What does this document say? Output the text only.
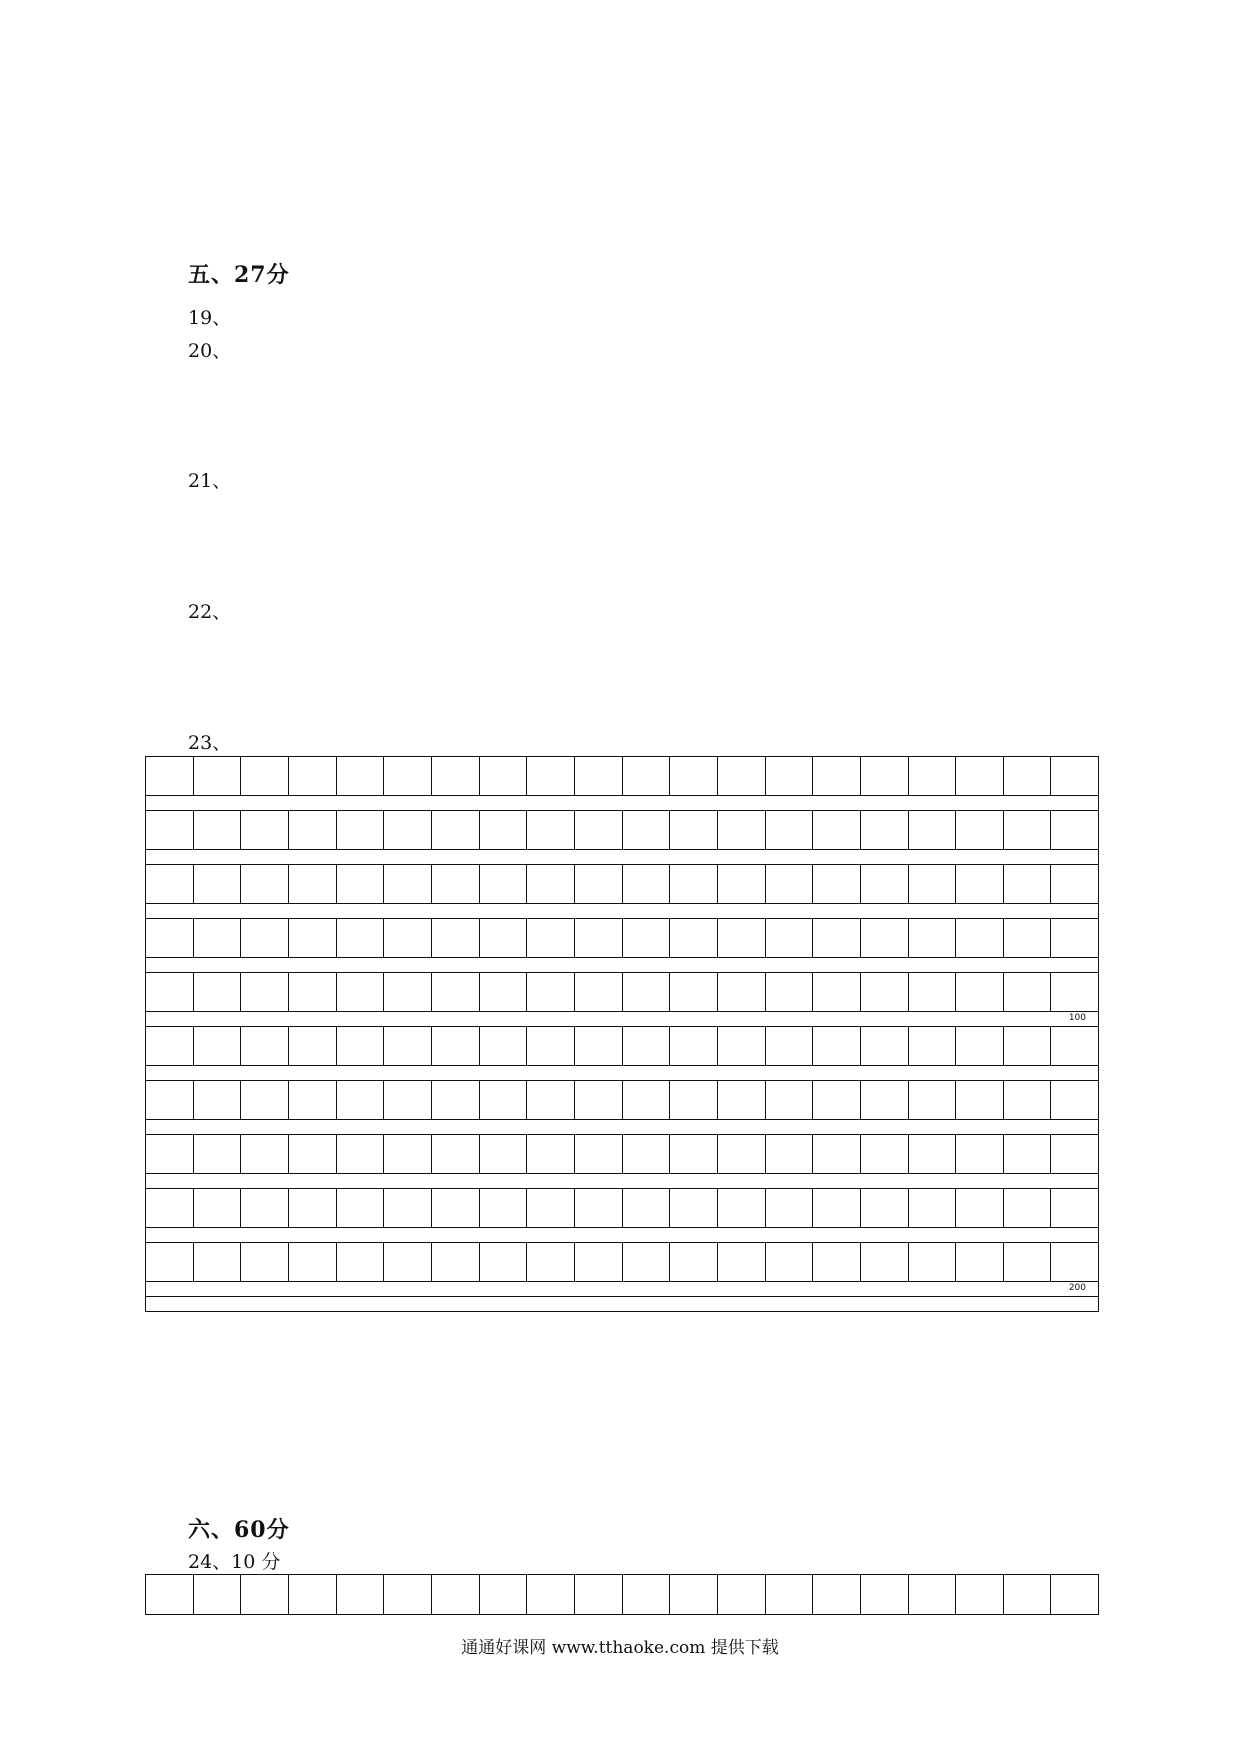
五、27分
19、
20、
21、
22、
23、
100
200
六、60分
24、10 分
通通好课网 www.tthaoke.com 提供下载
